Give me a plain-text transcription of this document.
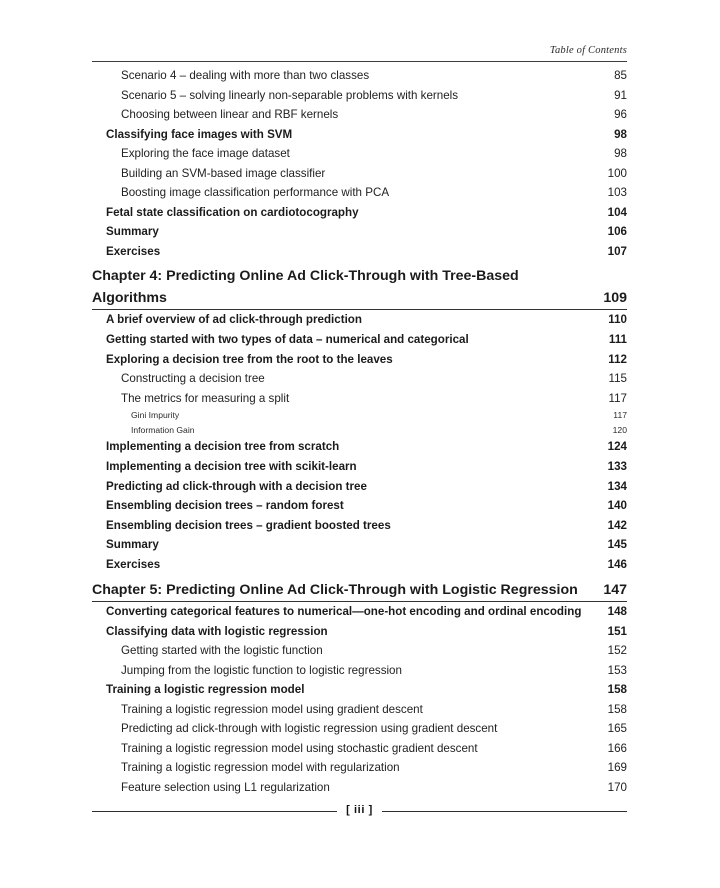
Table of Contents
Scenario 4 – dealing with more than two classes	85
Scenario 5 – solving linearly non-separable problems with kernels	91
Choosing between linear and RBF kernels	96
Classifying face images with SVM	98
Exploring the face image dataset	98
Building an SVM-based image classifier	100
Boosting image classification performance with PCA	103
Fetal state classification on cardiotocography	104
Summary	106
Exercises	107
Chapter 4: Predicting Online Ad Click-Through with Tree-Based Algorithms	109
A brief overview of ad click-through prediction	110
Getting started with two types of data – numerical and categorical	111
Exploring a decision tree from the root to the leaves	112
Constructing a decision tree	115
The metrics for measuring a split	117
Gini Impurity	117
Information Gain	120
Implementing a decision tree from scratch	124
Implementing a decision tree with scikit-learn	133
Predicting ad click-through with a decision tree	134
Ensembling decision trees – random forest	140
Ensembling decision trees – gradient boosted trees	142
Summary	145
Exercises	146
Chapter 5: Predicting Online Ad Click-Through with Logistic Regression	147
Converting categorical features to numerical—one-hot encoding and ordinal encoding	148
Classifying data with logistic regression	151
Getting started with the logistic function	152
Jumping from the logistic function to logistic regression	153
Training a logistic regression model	158
Training a logistic regression model using gradient descent	158
Predicting ad click-through with logistic regression using gradient descent	165
Training a logistic regression model using stochastic gradient descent	166
Training a logistic regression model with regularization	169
Feature selection using L1 regularization	170
[ iii ]
